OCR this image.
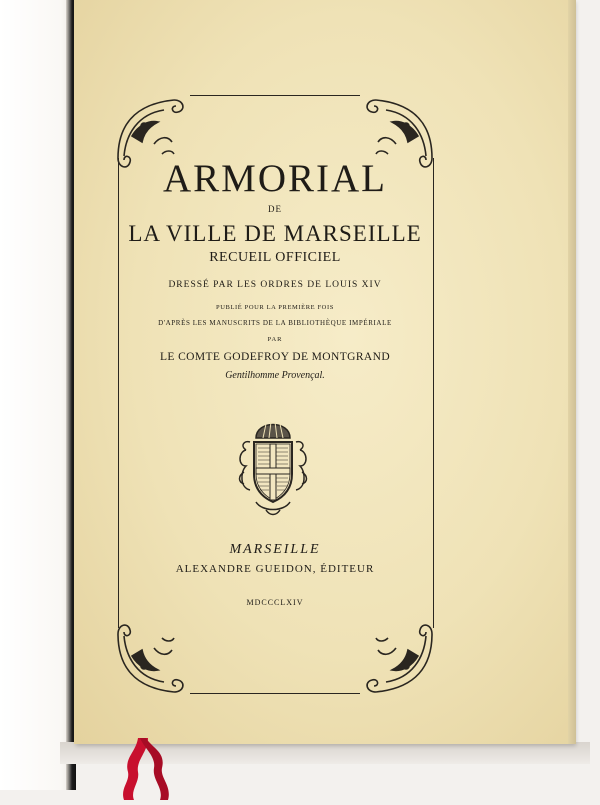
ARMORIAL
DE
LA VILLE DE MARSEILLE
RECUEIL OFFICIEL
DRESSÉ PAR LES ORDRES DE LOUIS XIV
PUBLIÉ POUR LA PREMIÈRE FOIS
D'APRÈS LES MANUSCRITS DE LA BIBLIOTHÈQUE IMPÉRIALE
PAR
LE COMTE GODEFROY DE MONTGRAND
Gentilhomme Provençal.
MARSEILLE
ALEXANDRE GUEIDON, ÉDITEUR
MDCCCLXIV
